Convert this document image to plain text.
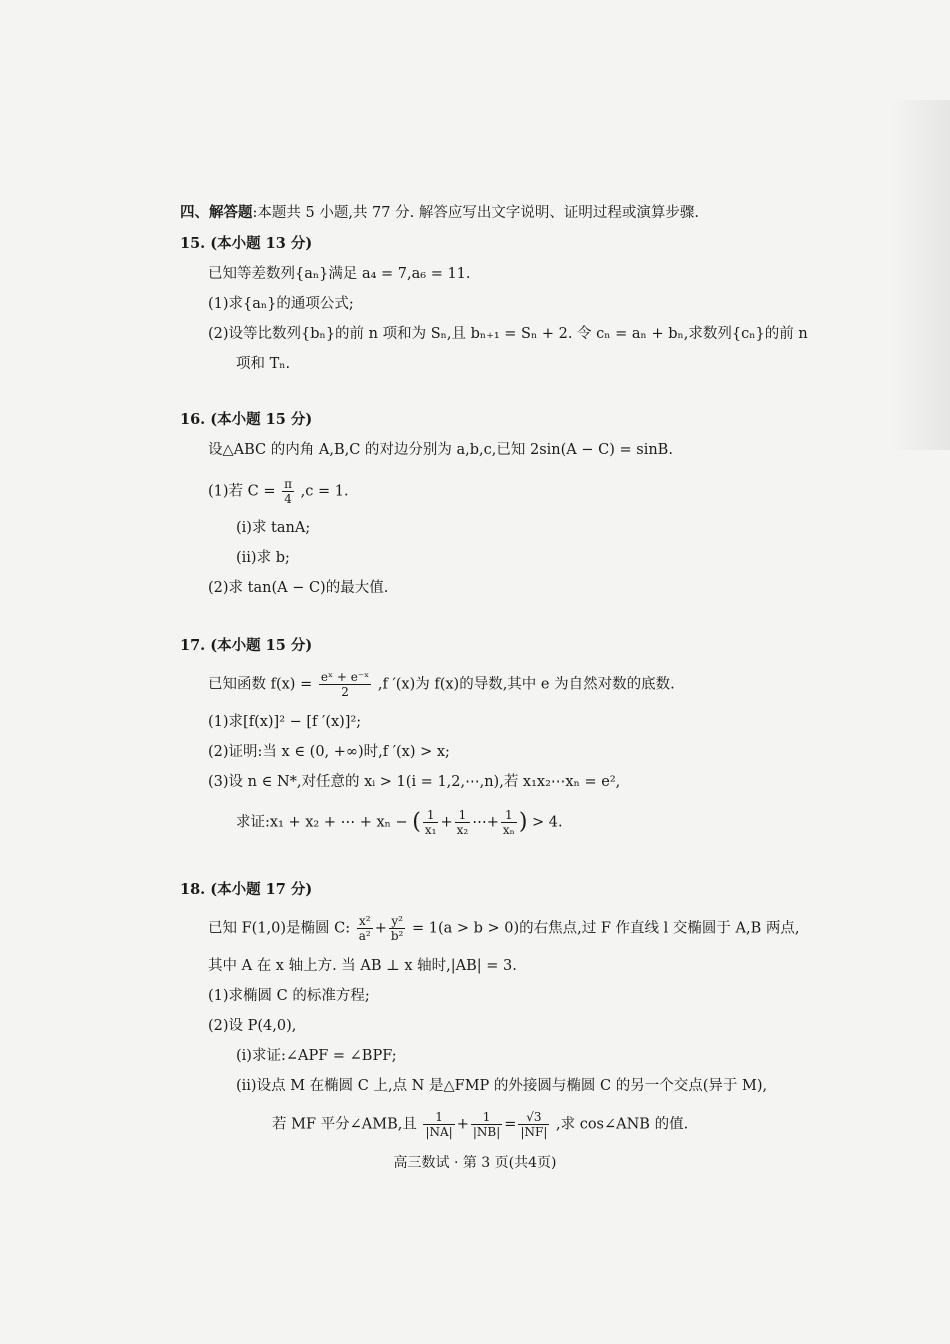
四、解答题:本题共 5 小题,共 77 分. 解答应写出文字说明、证明过程或演算步骤.
15. (本小题 13 分)
已知等差数列{aₙ}满足 a₄ = 7,a₆ = 11.
(1)求{aₙ}的通项公式;
(2)设等比数列{bₙ}的前 n 项和为 Sₙ,且 bₙ₊₁ = Sₙ + 2. 令 cₙ = aₙ + bₙ,求数列{cₙ}的前 n
项和 Tₙ.
16. (本小题 15 分)
设△ABC 的内角 A,B,C 的对边分别为 a,b,c,已知 2sin(A − C) = sinB.
(1)若 $C = \frac{\pi}{4} ,c = 1$.
(ⅰ)求 tanA;
(ⅱ)求 b;
(2)求 tan(A − C)的最大值.
17. (本小题 15 分)
已知函数 $f(x) = \frac{\text{eˣ + e⁻ˣ}}{2} ,f$ ′(x)为 f(x)的导数,其中 e 为自然对数的底数.
(1)求[f(x)]² − [f ′(x)]²;
(2)证明:当 x ∈ (0, +∞)时,f ′(x) > x;
(3)设 n ∈ N*,对任意的 xᵢ > 1(i = 1,2,⋯,n),若 x₁x₂⋯xₙ = e²,
求证:x₁ + x₂ + ⋯ + xₙ − ( $\frac{1}{\text{x₁}} + \frac{1}{\text{x₂}}$ ⋯+ $\frac{1}{\text{xₙ}}$ ) > 4.
18. (本小题 17 分)
已知 F(1,0)是椭圆 C: $\frac{\text{x²}}{\text{a²}} + \frac{\text{y²}}{\text{b²}} = 1(a > b > 0)$的右焦点,过 F 作直线 l 交椭圆于 A,B 两点,
其中 A 在 x 轴上方. 当 AB ⊥ x 轴时,|AB| = 3.
(1)求椭圆 C 的标准方程;
(2)设 P(4,0),
(ⅰ)求证:∠APF = ∠BPF;
(ⅱ)设点 M 在椭圆 C 上,点 N 是△FMP 的外接圆与椭圆 C 的另一个交点(异于 M),
若 MF 平分∠AMB,且 $\frac{1}{|NA|} + \frac{1}{|NB|} = \frac{√3}{|NF|}$ ,求 cos∠ANB 的值.
高三数试 · 第 3 页(共4页)
